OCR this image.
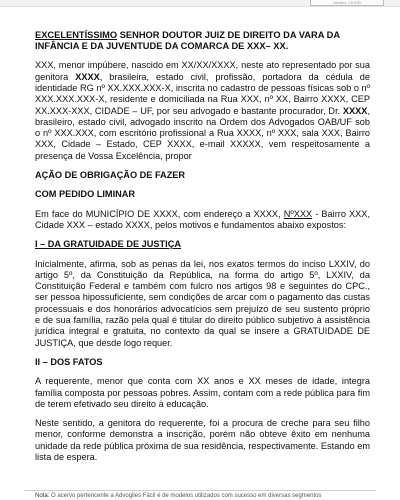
Modelo: 15.000
EXCELENTÍSSIMO SENHOR DOUTOR JUIZ DE DIREITO DA VARA DA INFÂNCIA E DA JUVENTUDE DA COMARCA DE XXX– XX.

XXX, menor impúbere, nascido em XX/XX/XXXX, neste ato representado por sua genitora XXXX, brasileira, estado civil, profissão, portadora da cédula de identidade RG nº XX.XXX.XXX-X, inscrita no cadastro de pessoas físicas sob o nº XXX.XXX.XXX-X, residente e domiciliada na Rua XXX, nº XX, Bairro XXXX, CEP XX.XXX-XXX, CIDADE – UF, por seu advogado e bastante procurador, Dr. XXXX, brasileiro, estado civil, advogado inscrito na Ordem dos Advogados OAB/UF sob o nº XXX.XXX, com escritório profissional a Rua XXXX, nº XXX, sala XXX, Bairro XXX, Cidade – Estado, CEP XXXX, e-mail XXXXX, vem respeitosamente a presença de Vossa Excelência, propor

AÇÃO DE OBRIGAÇÃO DE FAZER
COM PEDIDO LIMINAR

Em face do MUNICÍPIO DE XXXX, com endereço a XXXX, NºXXX - Bairro XXX, Cidade XXX – estado XXXX, pelos motivos e fundamentos abaixo expostos:

I – DA GRATUIDADE DE JUSTIÇA

Inicialmente, afirma, sob as penas da lei, nos exatos termos do inciso LXXIV, do artigo 5º, da Constituição da República, na forma do artigo 5º, LXXIV, da Constituição Federal e também com fulcro nos artigos 98 e seguintes do CPC., ser pessoa hipossuficiente, sem condições de arcar com o pagamento das custas processuais e dos honorários advocatícios sem prejuízo de seu sustento próprio e de sua família, razão pela qual é titular do direito público subjetivo à assistência jurídica integral e gratuita, no contexto da qual se insere a GRATUIDADE DE JUSTIÇA, que desde logo requer.

II – DOS FATOS

A requerente, menor que conta com XX anos e XX meses de idade, integra família composta por pessoas pobres. Assim, contam com a rede pública para fim de terem efetivado seu direito à educação.

Neste sentido, a genitora do requerente, foi a procura de creche para seu filho menor, conforme demonstra a inscrição, porém não obteve êxito em nenhuma unidade da rede pública próxima de sua residência, respectivamente. Estando em lista de espera.

Nota: O acervo pertencente a Advogiles Fácil é de modelos utilizados com sucesso em diversas segmentos
